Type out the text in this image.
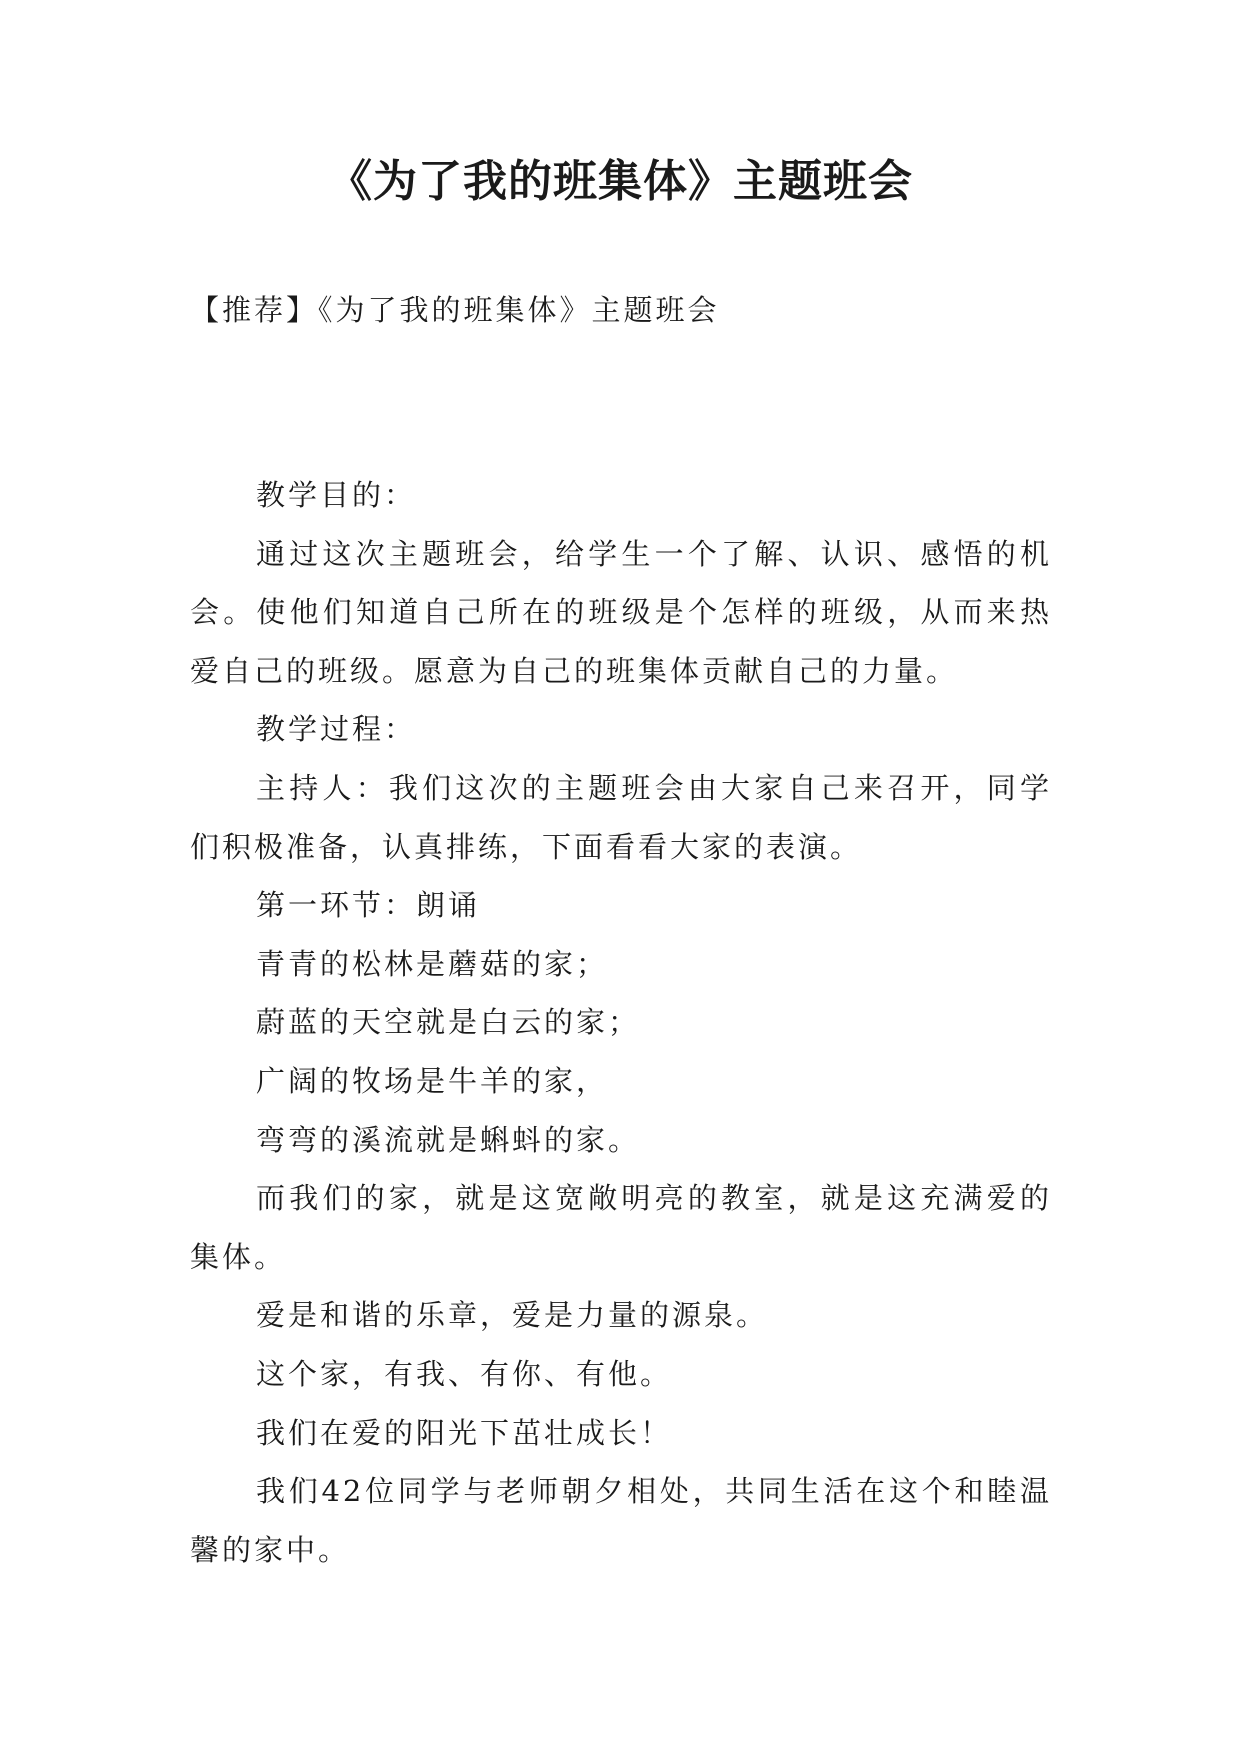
《为了我的班集体》主题班会
【推荐】《为了我的班集体》主题班会

教学目的：

通过这次主题班会，给学生一个了解、认识、感悟的机会。使他们知道自己所在的班级是个怎样的班级，从而来热爱自己的班级。愿意为自己的班集体贡献自己的力量。

教学过程：

主持人：我们这次的主题班会由大家自己来召开，同学们积极准备，认真排练，下面看看大家的表演。

第一环节：朗诵

青青的松林是蘑菇的家；

蔚蓝的天空就是白云的家；

广阔的牧场是牛羊的家，

弯弯的溪流就是蝌蚪的家。

而我们的家，就是这宽敞明亮的教室，就是这充满爱的集体。

爱是和谐的乐章，爱是力量的源泉。

这个家，有我、有你、有他。

我们在爱的阳光下茁壮成长！

我们42位同学与老师朝夕相处，共同生活在这个和睦温馨的家中。
